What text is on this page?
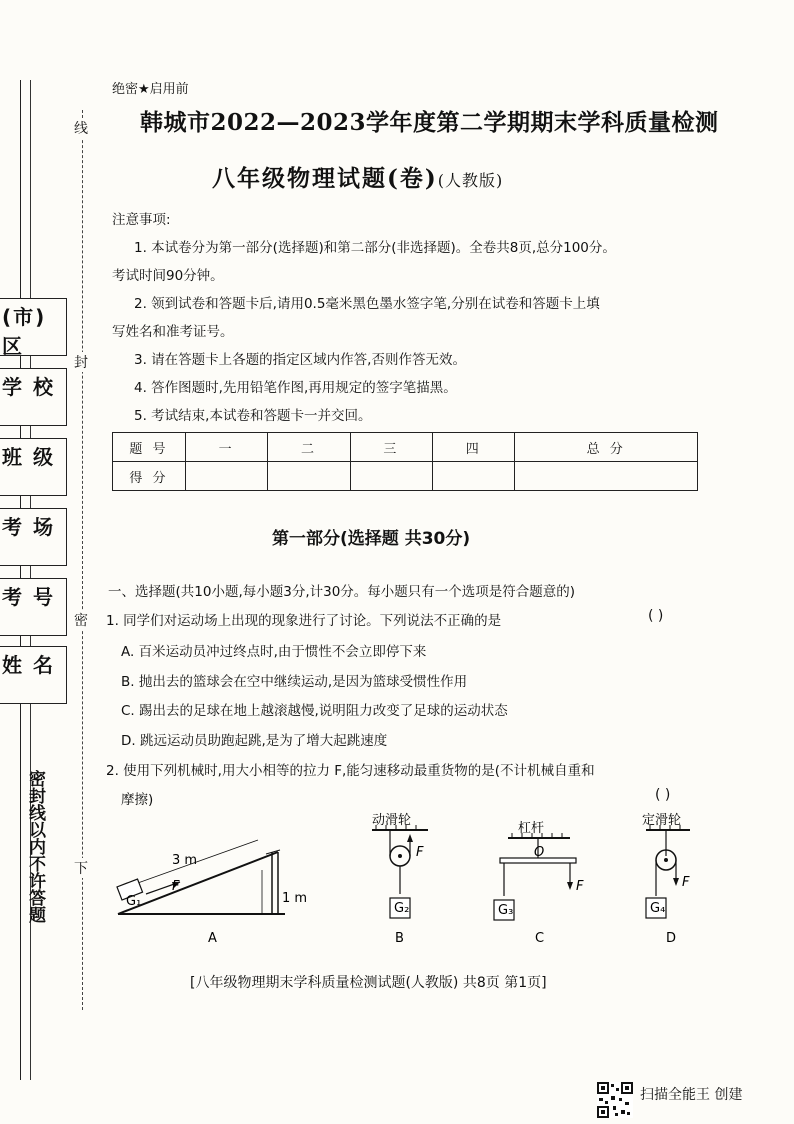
线
封
密
下
(市)区
学 校
班 级
考 场
考 号
姓 名
密封线以内不许答题
绝密★启用前
韩城市2022—2023学年度第二学期期末学科质量检测
八年级物理试题(卷)(人教版)

注意事项:

1. 本试卷分为第一部分(选择题)和第二部分(非选择题)。全卷共8页,总分100分。

考试时间90分钟。

2. 领到试卷和答题卡后,请用0.5毫米黑色墨水签字笔,分别在试卷和答题卡上填

写姓名和准考证号。

3. 请在答题卡上各题的指定区域内作答,否则作答无效。

4. 答作图题时,先用铅笔作图,再用规定的签字笔描黑。

5. 考试结束,本试卷和答题卡一并交回。

题 号	一	二	三	四	总 分
得 分					
第一部分(选择题 共30分)
一、选择题(共10小题,每小题3分,计30分。每小题只有一个选项是符合题意的)
1. 同学们对运动场上出现的现象进行了讨论。下列说法不正确的是	( )
A. 百米运动员冲过终点时,由于惯性不会立即停下来
B. 抛出去的篮球会在空中继续运动,是因为篮球受惯性作用
C. 踢出去的足球在地上越滚越慢,说明阻力改变了足球的运动状态
D. 跳远运动员助跑起跳,是为了增大起跳速度
2. 使用下列机械时,用大小相等的拉力 F,能匀速移动最重货物的是(不计机械自重和
摩擦)	( )
3 m
1 m
F
G₁
A
动滑轮
F
G₂
B
杠杆
O
F
G₃
C
定滑轮
F
G₄
D
[八年级物理期末学科质量检测试题(人教版) 共8页 第1页]
扫描全能王 创建
